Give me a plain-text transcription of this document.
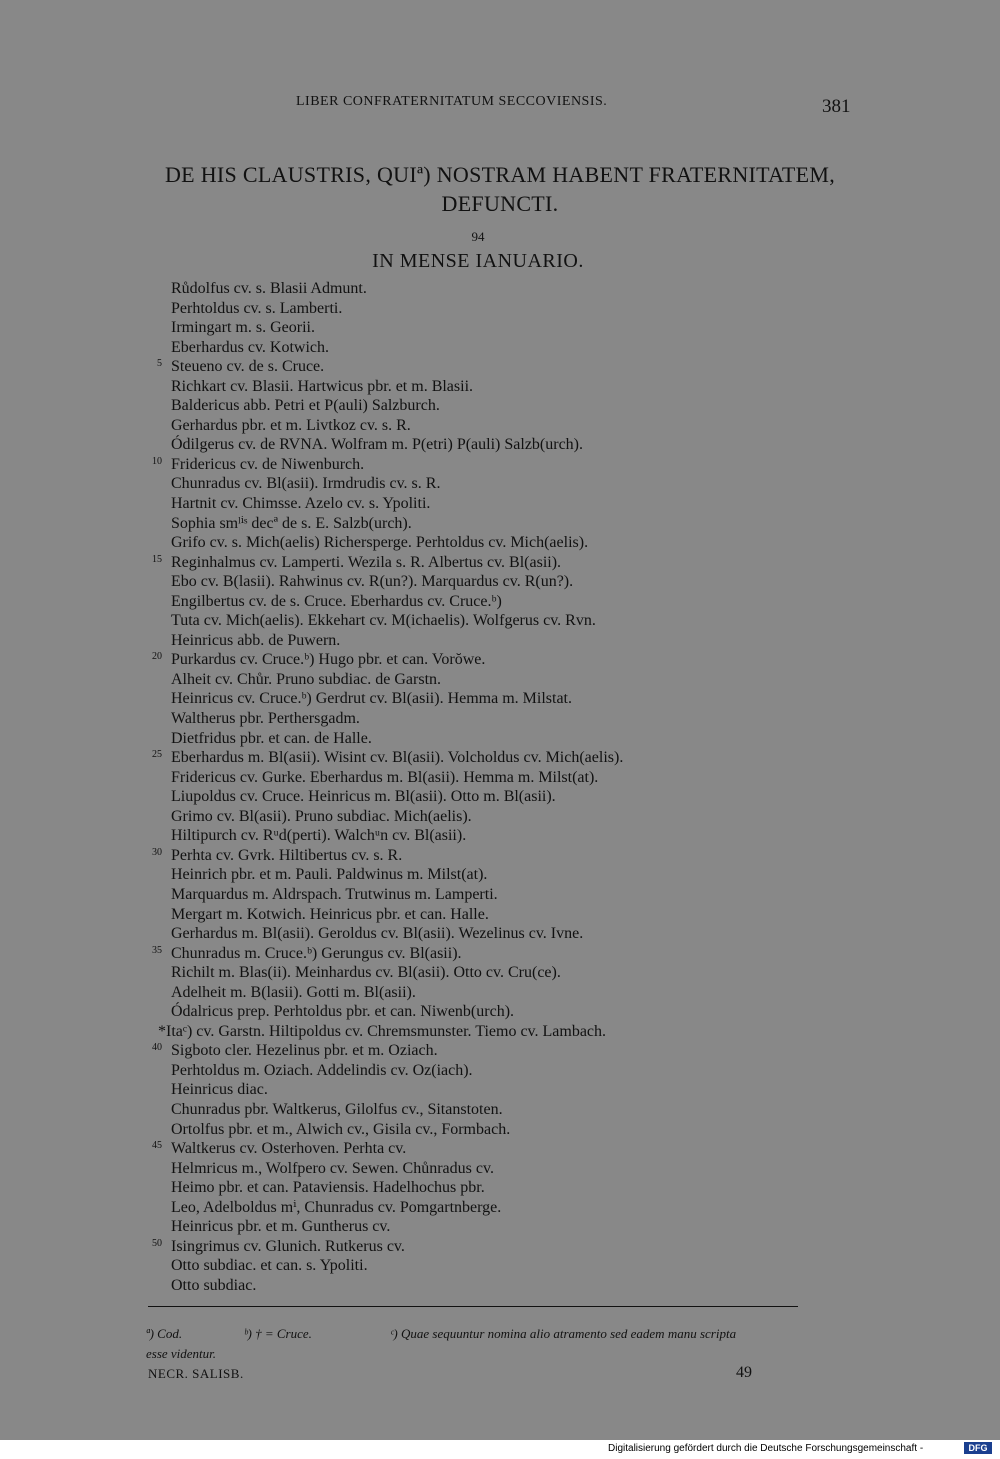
LIBER CONFRATERNITATUM SECCOVIENSIS.	381
DE HIS CLAUSTRIS, QUIª) NOSTRAM HABENT FRATERNITATEM,
DEFUNCTI.
94
IN MENSE IANUARIO.
Růdolfus cv. s. Blasii Admunt.
Perhtoldus cv. s. Lamberti.
Irmingart m. s. Georii.
Eberhardus cv. Kotwich.
5 Steueno cv. de s. Cruce.
Richkart cv. Blasii. Hartwicus pbr. et m. Blasii.
Baldericus abb. Petri et P(auli) Salzburch.
Gerhardus pbr. et m. Livtkoz cv. s. R.
Ódilgerus cv. de RVNA. Wolfram m. P(etri) P(auli) Salzb(urch).
10 Fridericus cv. de Niwenburch.
Chunradus cv. Bl(asii). Irmdrudis cv. s. R.
Hartnit cv. Chimsse. Azelo cv. s. Ypoliti.
Sophia smˡⁱˢ decª de s. E. Salzb(urch).
Grifo cv. s. Mich(aelis) Richersperge. Perhtoldus cv. Mich(aelis).
15 Reginhalmus cv. Lamperti. Wezila s. R. Albertus cv. Bl(asii).
Ebo cv. B(lasii). Rahwinus cv. R(un?). Marquardus cv. R(un?).
Engilbertus cv. de s. Cruce. Eberhardus cv. Cruce.ᵇ)
Tuta cv. Mich(aelis). Ekkehart cv. M(ichaelis). Wolfgerus cv. Rvn.
Heinricus abb. de Puwern.
20 Purkardus cv. Cruce.ᵇ) Hugo pbr. et can. Vorŏwe.
Alheit cv. Chůr. Pruno subdiac. de Garstn.
Heinricus cv. Cruce.ᵇ) Gerdrut cv. Bl(asii). Hemma m. Milstat.
Waltherus pbr. Perthersgadm.
Dietfridus pbr. et can. de Halle.
25 Eberhardus m. Bl(asii). Wisint cv. Bl(asii). Volcholdus cv. Mich(aelis).
Fridericus cv. Gurke. Eberhardus m. Bl(asii). Hemma m. Milst(at).
Liupoldus cv. Cruce. Heinricus m. Bl(asii). Otto m. Bl(asii).
Grimo cv. Bl(asii). Pruno subdiac. Mich(aelis).
Hiltipurch cv. Rᵘd(perti). Walchᵘn cv. Bl(asii).
30 Perhta cv. Gvrk. Hiltibertus cv. s. R.
Heinrich pbr. et m. Pauli. Paldwinus m. Milst(at).
Marquardus m. Aldrspach. Trutwinus m. Lamperti.
Mergart m. Kotwich. Heinricus pbr. et can. Halle.
Gerhardus m. Bl(asii). Geroldus cv. Bl(asii). Wezelinus cv. Ivne.
35 Chunradus m. Cruce.ᵇ) Gerungus cv. Bl(asii).
Richilt m. Blas(ii). Meinhardus cv. Bl(asii). Otto cv. Cru(ce).
Adelheit m. B(lasii). Gotti m. Bl(asii).
Ódalricus prep. Perhtoldus pbr. et can. Niwenb(urch).
*Itaᶜ) cv. Garstn. Hiltipoldus cv. Chremsmunster. Tiemo cv. Lambach.
40 Sigboto cler. Hezelinus pbr. et m. Oziach.
Perhtoldus m. Oziach. Addelindis cv. Oz(iach).
Heinricus diac.
Chunradus pbr. Waltkerus, Gilolfus cv., Sitanstoten.
Ortolfus pbr. et m., Alwich cv., Gisila cv., Formbach.
45 Waltkerus cv. Osterhoven. Perhta cv.
Helmricus m., Wolfpero cv. Sewen. Chůnradus cv.
Heimo pbr. et can. Pataviensis. Hadelhochus pbr.
Leo, Adelboldus mⁱ, Chunradus cv. Pomgartnberge.
Heinricus pbr. et m. Guntherus cv.
50 Isingrimus cv. Glunich. Rutkerus cv.
Otto subdiac. et can. s. Ypoliti.
Otto subdiac.
ª) Cod.	ᵇ) † = Cruce.	ᶜ) Quae sequuntur nomina alio atramento sed eadem manu scripta
esse videntur.
NECR. SALISB.	49
Digitalisierung gefördert durch die Deutsche Forschungsgemeinschaft -	DFG
